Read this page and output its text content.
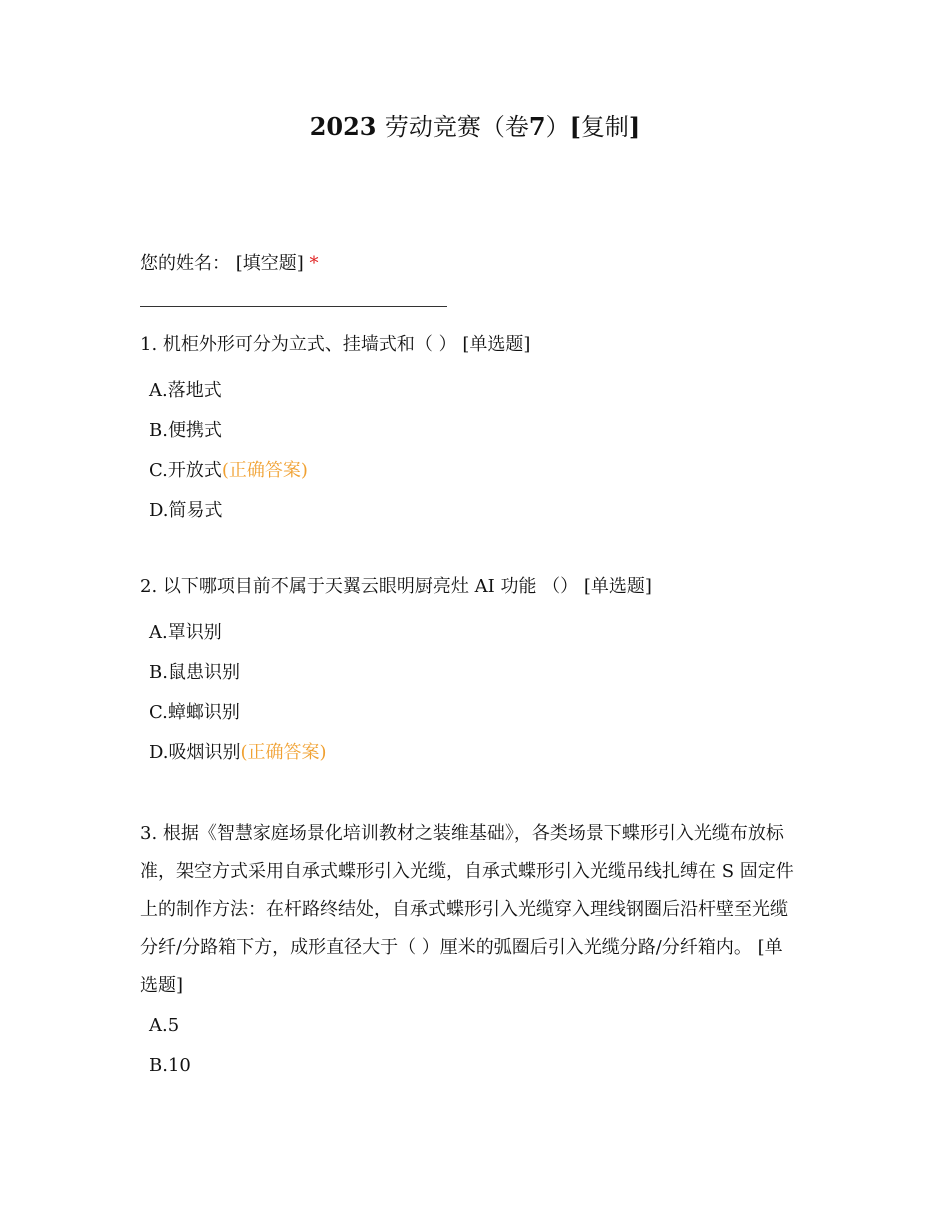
2023 劳动竞赛（卷7）[复制]
您的姓名： [填空题] *
1. 机柜外形可分为立式、挂墙式和（ ） [单选题]
A.落地式
B.便携式
C.开放式(正确答案)
D.简易式
2. 以下哪项目前不属于天翼云眼明厨亮灶 AI 功能 （） [单选题]
A.罩识别
B.鼠患识别
C.蟑螂识别
D.吸烟识别(正确答案)
3. 根据《智慧家庭场景化培训教材之装维基础》，各类场景下蝶形引入光缆布放标
准，架空方式采用自承式蝶形引入光缆，自承式蝶形引入光缆吊线扎缚在 S 固定件
上的制作方法：在杆路终结处，自承式蝶形引入光缆穿入理线钢圈后沿杆壁至光缆
分纤/分路箱下方，成形直径大于（ ）厘米的弧圈后引入光缆分路/分纤箱内。 [单
选题]
A.5
B.10
